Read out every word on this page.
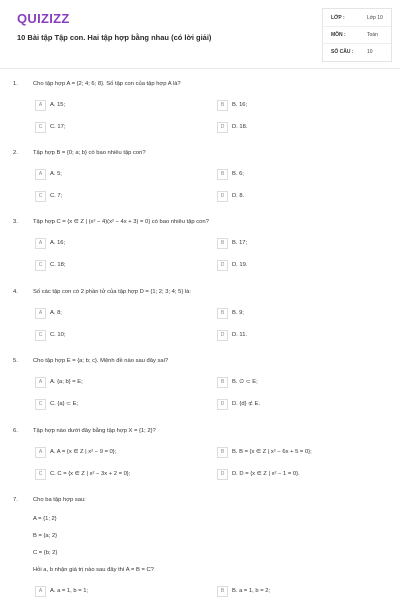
QUIZIZZ
10 Bài tập Tập con. Hai tập hợp bằng nhau (có lời giải)
LỚP :	Lớp 10
MÔN :	Toán
SỐ CÂU :	10
1.	Cho tập hợp A = {2; 4; 6; 8}. Số tập con của tập hợp A là?
A	A. 15;	B	B. 16;
C	C. 17;	D	D. 18.
2.	Tập hợp B = {0; a; b} có bao nhiêu tập con?
A	A. 5;	B	B. 6;
C	C. 7;	D	D. 8.
3.	Tập hợp C = {x ∈ Z | (x² − 4)(x² − 4x + 3) = 0} có bao nhiêu tập con?
A	A. 16;	B	B. 17;
C	C. 18;	D	D. 19.
4.	Số các tập con có 2 phần tử của tập hợp D = {1; 2; 3; 4; 5} là:
A	A. 8;	B	B. 9;
C	C. 10;	D	D. 11.
5.	Cho tập hợp E = {a; b; c}. Mệnh đề nào sau đây sai?
A	A. {a; b} = E;	B	B. ∅ ⊂ E;
C	C. {a} ⊂ E;	D	D. {d} ⊄ E.
6.	Tập hợp nào dưới đây bằng tập hợp X = {1; 2}?
A	A. A = {x ∈ Z | x² − 9 = 0};	B	B. B = {x ∈ Z | x² − 6x + 5 = 0};
C	C. C = {x ∈ Z | x² − 3x + 2 = 0};	D	D. D = {x ∈ Z | x² − 1 = 0}.
7.	Cho ba tập hợp sau:
A = {1; 2}
B = {a; 2}
C = {b; 2}
Hỏi a, b nhận giá trị nào sau đây thì A = B = C?
A	A. a = 1, b = 1;	B	B. a = 1, b = 2;
